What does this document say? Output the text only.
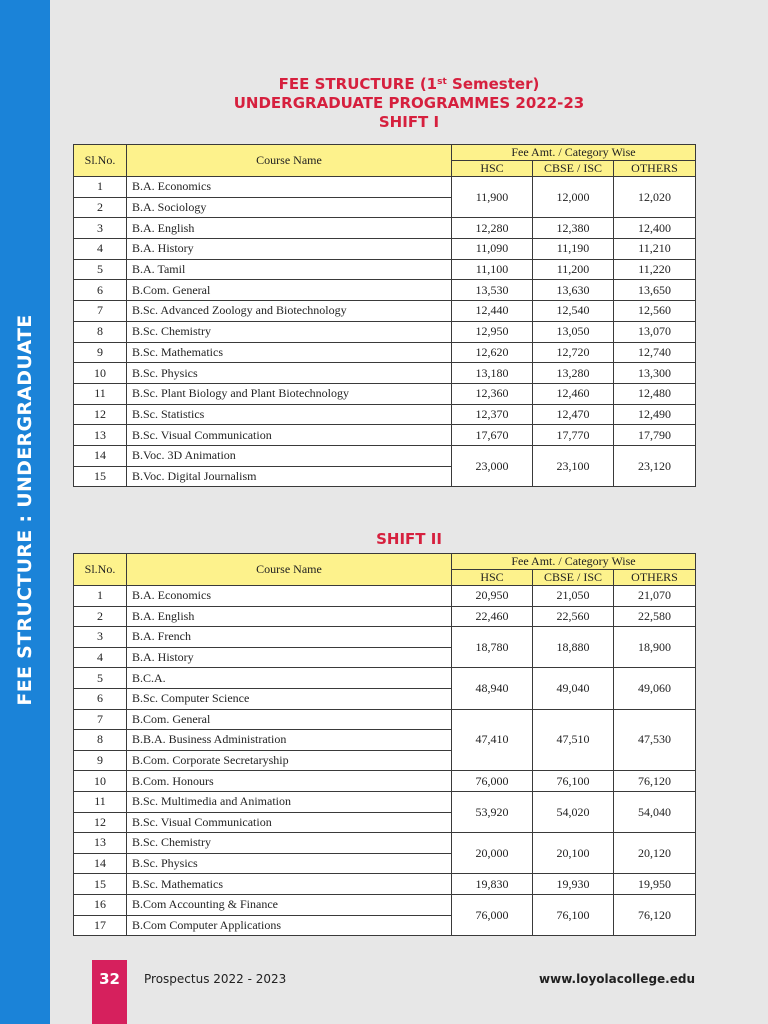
FEE STRUCTURE : UNDERGRADUATE
FEE STRUCTURE (1st Semester)
UNDERGRADUATE PROGRAMMES 2022-23
SHIFT I
Sl.No.	Course Name	Fee Amt. / Category Wise		
		HSC	CBSE / ISC	OTHERS
1	B.A. Economics	11,900	12,000	12,020
2	B.A. Sociology			
3	B.A. English	12,280	12,380	12,400
4	B.A. History	11,090	11,190	11,210
5	B.A. Tamil	11,100	11,200	11,220
6	B.Com. General	13,530	13,630	13,650
7	B.Sc. Advanced Zoology and Biotechnology	12,440	12,540	12,560
8	B.Sc. Chemistry	12,950	13,050	13,070
9	B.Sc. Mathematics	12,620	12,720	12,740
10	B.Sc. Physics	13,180	13,280	13,300
11	B.Sc. Plant Biology and Plant Biotechnology	12,360	12,460	12,480
12	B.Sc. Statistics	12,370	12,470	12,490
13	B.Sc. Visual Communication	17,670	17,770	17,790
14	B.Voc. 3D Animation	23,000	23,100	23,120
15	B.Voc. Digital Journalism			
SHIFT II
Sl.No.	Course Name	Fee Amt. / Category Wise		
		HSC	CBSE / ISC	OTHERS
1	B.A. Economics	20,950	21,050	21,070
2	B.A. English	22,460	22,560	22,580
3	B.A. French	18,780	18,880	18,900
4	B.A. History			
5	B.C.A.	48,940	49,040	49,060
6	B.Sc. Computer Science			
7	B.Com. General	47,410	47,510	47,530
8	B.B.A. Business Administration			
9	B.Com. Corporate Secretaryship			
10	B.Com. Honours	76,000	76,100	76,120
11	B.Sc. Multimedia and Animation	53,920	54,020	54,040
12	B.Sc. Visual Communication			
13	B.Sc. Chemistry	20,000	20,100	20,120
14	B.Sc. Physics			
15	B.Sc. Mathematics	19,830	19,930	19,950
16	B.Com Accounting & Finance	76,000	76,100	76,120
17	B.Com Computer Applications			
32	Prospectus 2022 - 2023	www.loyolacollege.edu
